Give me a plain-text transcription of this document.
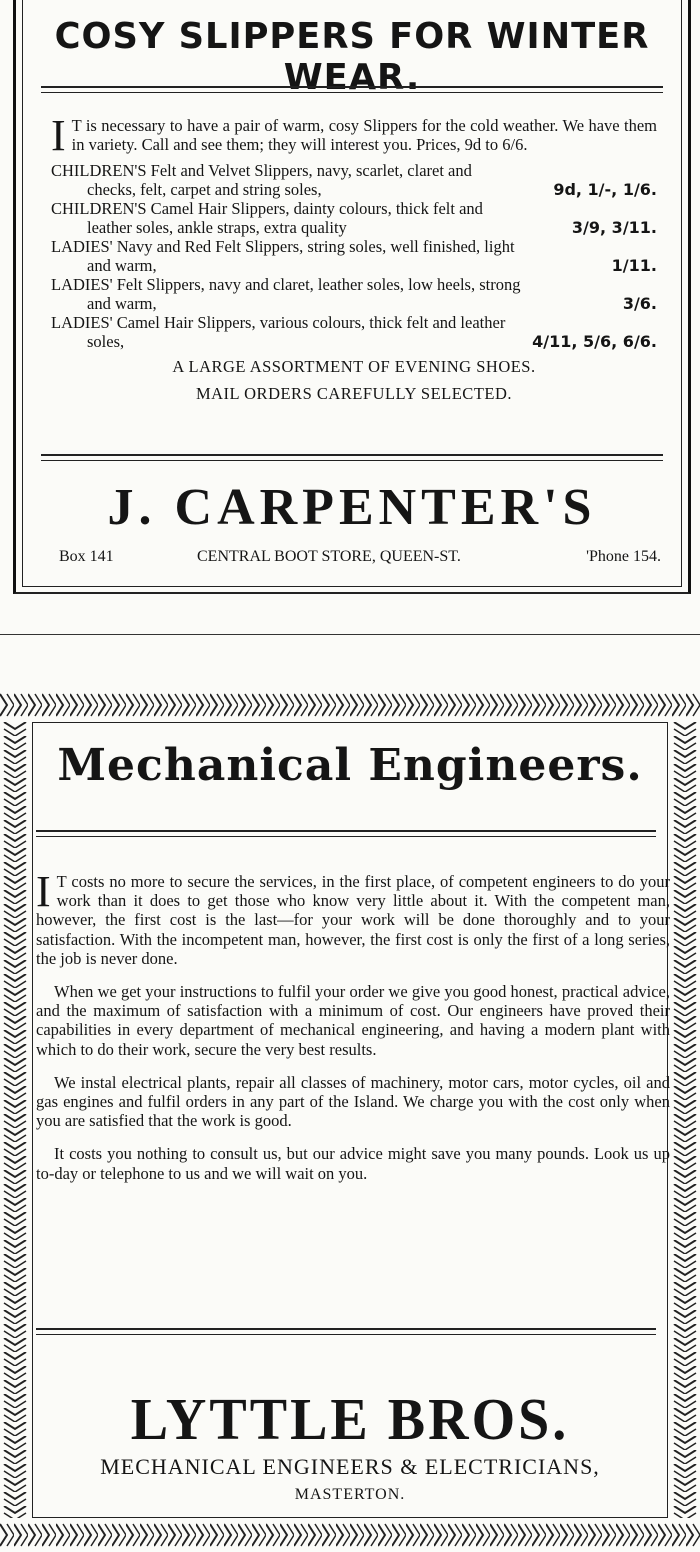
COSY SLIPPERS FOR WINTER WEAR.

I T is necessary to have a pair of warm, cosy Slippers for the cold weather. We have them in variety. Call and see them; they will interest you. Prices, 9d to 6/6.

CHILDREN'S Felt and Velvet Slippers, navy, scarlet, claret and
checks, felt, carpet and string soles,	9d, 1/-, 1/6.
CHILDREN'S Camel Hair Slippers, dainty colours, thick felt and
leather soles, ankle straps, extra quality	3/9, 3/11.
LADIES' Navy and Red Felt Slippers, string soles, well finished, light
and warm,	1/11.
LADIES' Felt Slippers, navy and claret, leather soles, low heels, strong
and warm,	3/6.
LADIES' Camel Hair Slippers, various colours, thick felt and leather
soles,	4/11, 5/6, 6/6.

A LARGE ASSORTMENT OF EVENING SHOES.

MAIL ORDERS CAREFULLY SELECTED.

J. CARPENTER'S
Box 141	CENTRAL BOOT STORE, QUEEN-ST.	'Phone 154.
Mechanical Engineers.

I T costs no more to secure the services, in the first place, of competent engineers to do your work than it does to get those who know very little about it. With the competent man, however, the first cost is the last—for your work will be done thoroughly and to your satisfaction. With the incompetent man, however, the first cost is only the first of a long series, the job is never done.

When we get your instructions to fulfil your order we give you good honest, practical advice, and the maximum of satisfaction with a minimum of cost. Our engineers have proved their capabilities in every department of mechanical engineering, and having a modern plant with which to do their work, secure the very best results.

We instal electrical plants, repair all classes of machinery, motor cars, motor cycles, oil and gas engines and fulfil orders in any part of the Island. We charge you with the cost only when you are satisfied that the work is good.

It costs you nothing to consult us, but our advice might save you many pounds. Look us up to-day or telephone to us and we will wait on you.

LYTTLE BROS.
MECHANICAL ENGINEERS & ELECTRICIANS,
MASTERTON.
